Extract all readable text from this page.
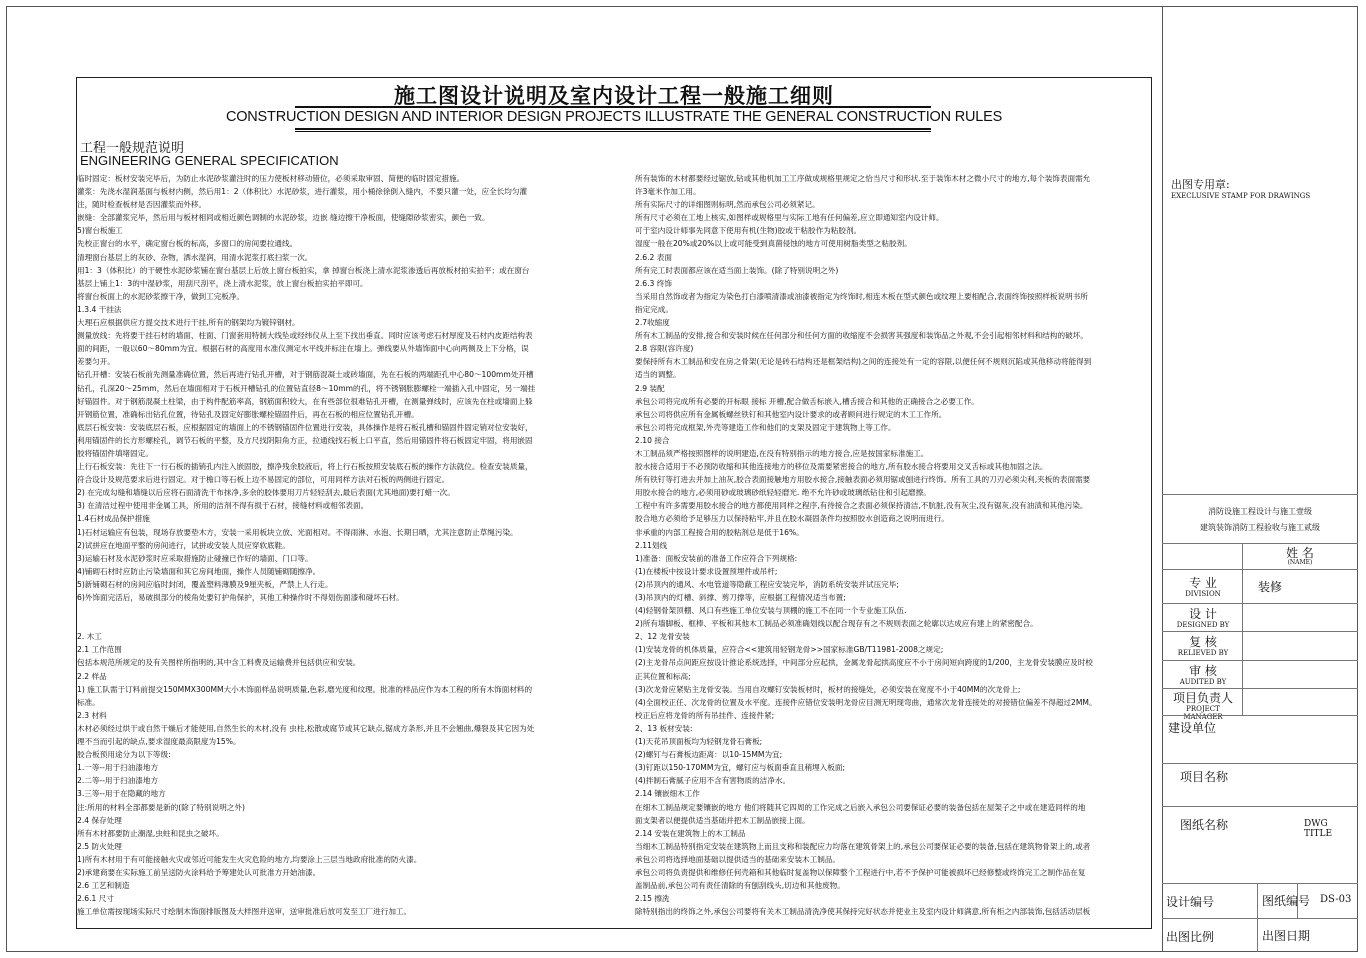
施工图设计说明及室内设计工程一般施工细则
CONSTRUCTION DESIGN AND INTERIOR DESIGN PROJECTS ILLUSTRATE THE GENERAL CONSTRUCTION RULES
工程一般规范说明
ENGINEERING GENERAL SPECIFICATION
临时固定：板材安装完毕后，为防止水泥砂浆灌注时的压力使板材移动错位，必须采取审固、简便的临时固定措施。
灌浆：先浇水湿润基面与板材内侧，然后用1：2（体积比）水泥砂浆，进行灌浆，用小桶徐徐倒入缝内，不要只灌一处，应全长均匀灌
注，随时检查板材是否因灌浆而外移。
嵌缝：全部灌浆完毕，然后用与板材相同或相近颜色调制的水泥砂浆，边嵌 缝边擦干净板面，使缝隙砂浆密实，颜色一致。
5)窗台板施工
先校正窗台的水平，确定窗台板的标高，多窗口的房间要拉通线。
清理窗台基层上的灰砂、杂物，洒水湿润，用清水泥浆打底扫浆一次。
用1：3（体积比）的干硬性水泥砂浆铺在窗台基层上后放上窗台板拍实，拿 掉窗台板浇上清水泥浆渗透后再放板材拍实拍平；或在窗台
基层上铺上1：3的中湿砂浆，用刮尺刮平，浇上清水泥浆，放上窗台板拍实拍平即可。
将窗台板面上的水泥砂浆擦干净，做到工完板净。
1.3.4 干挂法
大理石应根据供应方提交技术进行干挂,所有的钢架均为镀锌钢材。
测量放线：先将要干挂石材的墙面、柱面、门窗套用特制大线坠或经纬仪从上至下找出垂直。同时应该考虑石材厚度及石材内皮距结构表
面的间距，一般以60～80mm为宜。根据石材的高度用水准仪测定水平线并标注在墙上。弹线要从外墙饰面中心向两侧及上下分格，误
差要匀开。
钻孔开槽：安装石板前先测量准确位置，然后再进行钻孔开槽，对于钢筋混凝土或砖墙面，先在石板的两端距孔中心80～100mm处开槽
钻孔，孔深20～25mm，然后在墙面相对于石板开槽钻孔的位置钻直径8～10mm的孔，将不锈钢胀膨螺栓一端插入孔中固定，另一端挂
好锚固件。对于钢筋混凝土柱梁，由于构件配筋率高，钢筋面积较大，在有些部位很难钻孔开槽，在测量弹线时，应该先在柱或墙面上躲
开钢筋位置，准确标出钻孔位置，待钻孔及固定好膨胀螺栓锚固件后，再在石板的相应位置钻孔开槽。
底层石板安装：安装底层石板，应根据固定的墙面上的不锈钢锚固件位置进行安装，具体操作是将石板孔槽和锚固件固定销对位安装好，
利用锚固件的长方形螺栓孔，调节石板的平整，及方尺找阴阳角方正，拉通线找石板上口平直，然后用锚固件将石板固定牢固，将用嵌固
胶将锚固件填堵固定。
上行石板安装：先往下一行石板的插销孔内注入嵌固胶，擦净残余胶液后，将上行石板按照安装底石板的操作方法就位。检查安装质量，
符合设计及规范要求后进行固定。对于檐口等石板上边不易固定的部位，可用同样方法对石板的两侧进行固定。
2) 在完成勾缝和墙缝以后应将石面清洗干布抹净,多余的胶体要用刀片轻轻刮去,最后表面(尤其地面)要打蜡一次。
3) 在清洁过程中使用非金属工具，所用的洁剂不得有损于石材，接缝材料或相邻表面。
1.4石材成品保护措施
1)石材运输应有包装，现场存放要垫木方，安装一采用板块立放、光面相对。不得雨淋、水泡、长期日晒，尤其注意防止草绳污染。
2)试拼应在地面平整的房间进行，试拼或安装人员应穿软底鞋。
3)运输石材及水泥砂浆时应采取措施防止碰撞已作好的墙面、门口等。
4)铺砌石材时应防止污染墙面和其它房间地面，操作人员随铺砌随擦净。
5)新铺砌石材的房间应临时封闭，覆盖塑料薄膜及9厘夹板，严禁上人行走。
6)外饰面完活后，易破损部分的棱角处要钉护角保护，其他工种操作时不得划伤面漆和碰坏石材。

2. 木工
2.1 工作范围
包括本规范所规定的及有关图样所指明的,其中含工料费及运输费并包括供应和安装。
2.2 样品
1) 施工队需于订料前提交150MMX300MM大小木饰面样品说明质量,色彩,磨光度和纹理。批准的样品应作为本工程的所有木饰面材料的
标准。
2.3 材料
木材必须经过烘干或自然干燥后才能使用,自然生长的木材,没有 虫柱,松散或腐节或其它缺点,锯成方条形,并且不会翘曲,爆裂及其它因为处
理不当而引起的缺点,要求湿度最高限度为15%。
胶合板预用途分为以下等级:
1.一等--用于扫油漆地方
2.二等--用于扫油漆地方
3.三等--用于在隐藏的地方
注:所用的材料全部都要是新的(除了特别说明之外)
2.4 保存处理
所有木材都要防止潮湿,虫蛀和昆虫之破坏。
2.5 防火处理
1)所有木材用于有可能接触火灾或邻近可能发生火灾危险的地方,均要涂上三层当地政府批准的防火漆。
2)承建商要在实际施工前呈送防火涂料给予筹建处认可批准方开始油漆。
2.6 工艺和制造
2.6.1 尺寸
施工单位需按现场实际尺寸绘制木饰面排版图及大样图并送审，送审批准后放可发至工厂进行加工。
所有装饰的木材都要经过锯放,钻或其他机加工工序做成规格里规定之恰当尺寸和形状.至于装饰木材之微小尺寸的地方,每个装饰表面需允
许3毫米作加工用。
所有实际尺寸的详细图则标明,然而承包公司必须紧记。
所有尺寸必须在工地上核实,如图样或规格里与实际工地有任何偏差,应立即通知室内设计师。
可于室内设计师事先同意下使用有机(生物)胶或干粘胶作为粘胶剂。
湿度一般在20%或20%以上或可能受到真菌侵蚀的地方可使用树脂类型之粘胶剂。
2.6.2 表面
所有完工时表面都应该在适当面上装饰。(除了特别说明之外)
2.6.3 终饰
当采用自然饰或者为指定为染色打白漆喷清漆或油漆被指定为终饰时,相连木板在型式颜色或纹理上要相配合,表面终饰按照样板说明书所
指定完成。
2.7收缩度
所有木工制品的安排,接合和安装时候在任何部分和任何方面的收缩度不会损害其强度和装饰品之外观,不会引起相邻材料和结构的破坏。
2.8 容限(容许度)
要保持所有木工制品和安在房之骨架(无论是砖石结构还是框架结构)之间的连接处有一定的容限,以便任何不规则沉陷或其他移动将能得到
适当的调整。
2.9 装配
承包公司将完成所有必要的开标眼 接标 开槽,配合做舌标嵌入,槽舌接合和其他的正确接合之必要工作。
承包公司将供应所有金属板螺丝铁钉和其他室内设计要求的或者顾问进行规定的木工工作所。
承包公司将完成框架,外壳等建造工作和他们的支架及固定于建筑物上等工作。
2.10 接合
木工制品须严格按照图样的说明建造,在没有特别指示的地方接合,应是按国家标准施工。
胶水接合适用于不必预防收缩和其他连接地方的移位及需要紧密接合的地方,所有胶水接合将要用交叉舌标或其他加固之法。
所有铁钉等打进去并加上油灰,胶合表面接触地方用胶水接合,接触表面必须用锯或刨进行终饰。所有工具的刀刃必须尖利,夹板的表面需要
用胶水接合的地方,必须用砂或玻璃砂纸轻轻磨光. 绝不允许砂或玻璃纸钻住和引起磨擦。
工程中有许多需要用胶水接合的地方都使用同样之程序,有待接合之表面必须保持清洁,不肮脏,没有灰尘,没有锯灰,没有油渍和其他污染。
胶合地方必须给予足够压力以保持粘牢,并且在胶水凝固条件均按照胶水创造商之说明而进行。
非承重的内部工程接合用的胶粘剂总是低于16%。
2.11划线
1)准备：面板安装前的准备工作应符合下列规格:
(1)在楼板中按设计要求设置预埋件或吊杆;
(2)吊顶内的通风、水电管道等隐蔽工程应安装完毕，消防系统安装并试压完毕;
(3)吊顶内的灯槽、斜撑、剪刀撑等，应根据工程情况适当布置;
(4)轻钢骨架顶棚、风口有些施工单位安装与顶棚的施工不在同一个专业施工队伍.
2)所有墙脚板、框棒、平板和其他木工制品必须准确划线以配合现存有之不规则表面之轮廓以达成应有建上的紧密配合。
2、12 龙骨安装
(1)安装龙骨的机体质量，应符合<<建筑用轻钢龙骨>>国家标准GB/T11981-2008之规定;
(2)主龙骨吊点间距应按设计推论系统选择，中间部分应起拱，金属龙骨起拱高度应不小于房间短向跨度的1/200，主龙骨安装膜应及时校
正其位置和标高;
(3)次龙骨应紧贴主龙骨安装。当用自攻螺钉安装板材时，板材的接缝处，必须安装在宽度不小于40MM的次龙骨上;
(4)全面校正任、次龙骨的位置及水平度。连接件应错位安装明龙骨应目测无明现弯曲，通常次龙骨连接处的对接错位偏差不得超过2MM。
校正后应将龙骨的所有吊挂件、连接件紧;
2、13 板材安装:
(1)天花吊顶面板均为轻钢龙骨石膏板;
(2)螺钉与石膏板边距离：以10-15MM为宜;
(3)钉距以150-170MM为宜，螺钉应与板面垂直且稍埋入板面;
(4)拌制石膏腻子应用不含有害物质的洁净水。
2.14 镶嵌细木工作
在细木工制品规定要镶嵌的地方 他们将随其它四周的工作完成之后嵌入承包公司要保证必要的装备包括在屋架子之中或在建造同样的地
面支架者以便提供适当基础并把木工制品嵌接上面。
2.14 安装在建筑物上的木工制品
当细木工制品特别指定安装在建筑物上而且支称和装配应力均落在建筑骨架上的,承包公司要保证必要的装备,包括在建筑物骨架上的,或者
承包公司将选择地面基础以提供适当的基础来安装木工制品。
承包公司将负责提供和维修任何壳箱和其他临时复盖物以保障整个工程进行中,若不予保护可能被损坏已经修整或终饰完工之制作品在复
盖制品前,承包公司有责任清除的有刨刮线头,切边和其他废物。
2.15 擦洗
除特别指出的终饰之外,承包公司要将有关木工制品清洗净使其保持完好状态并使业主及室内设计师满意,所有柜之内部装饰,包括活动层板
出图专用章:
EXECLUSIVE STAMP FOR DRAWINGS
消防设施工程设计与施工壹级
建筑装饰消防工程验收与施工贰级
姓 名
(NAME)
专 业
DIVISION	装修
设 计
DESIGNED BY
复 核
RELIEVED BY
审 核
AUDITED BY
项目负责人
PROJECT MANAGER
建设单位
项目名称
图纸名称	DWG TITLE
设计编号	图纸编号 DS-03
出图比例	出图日期
